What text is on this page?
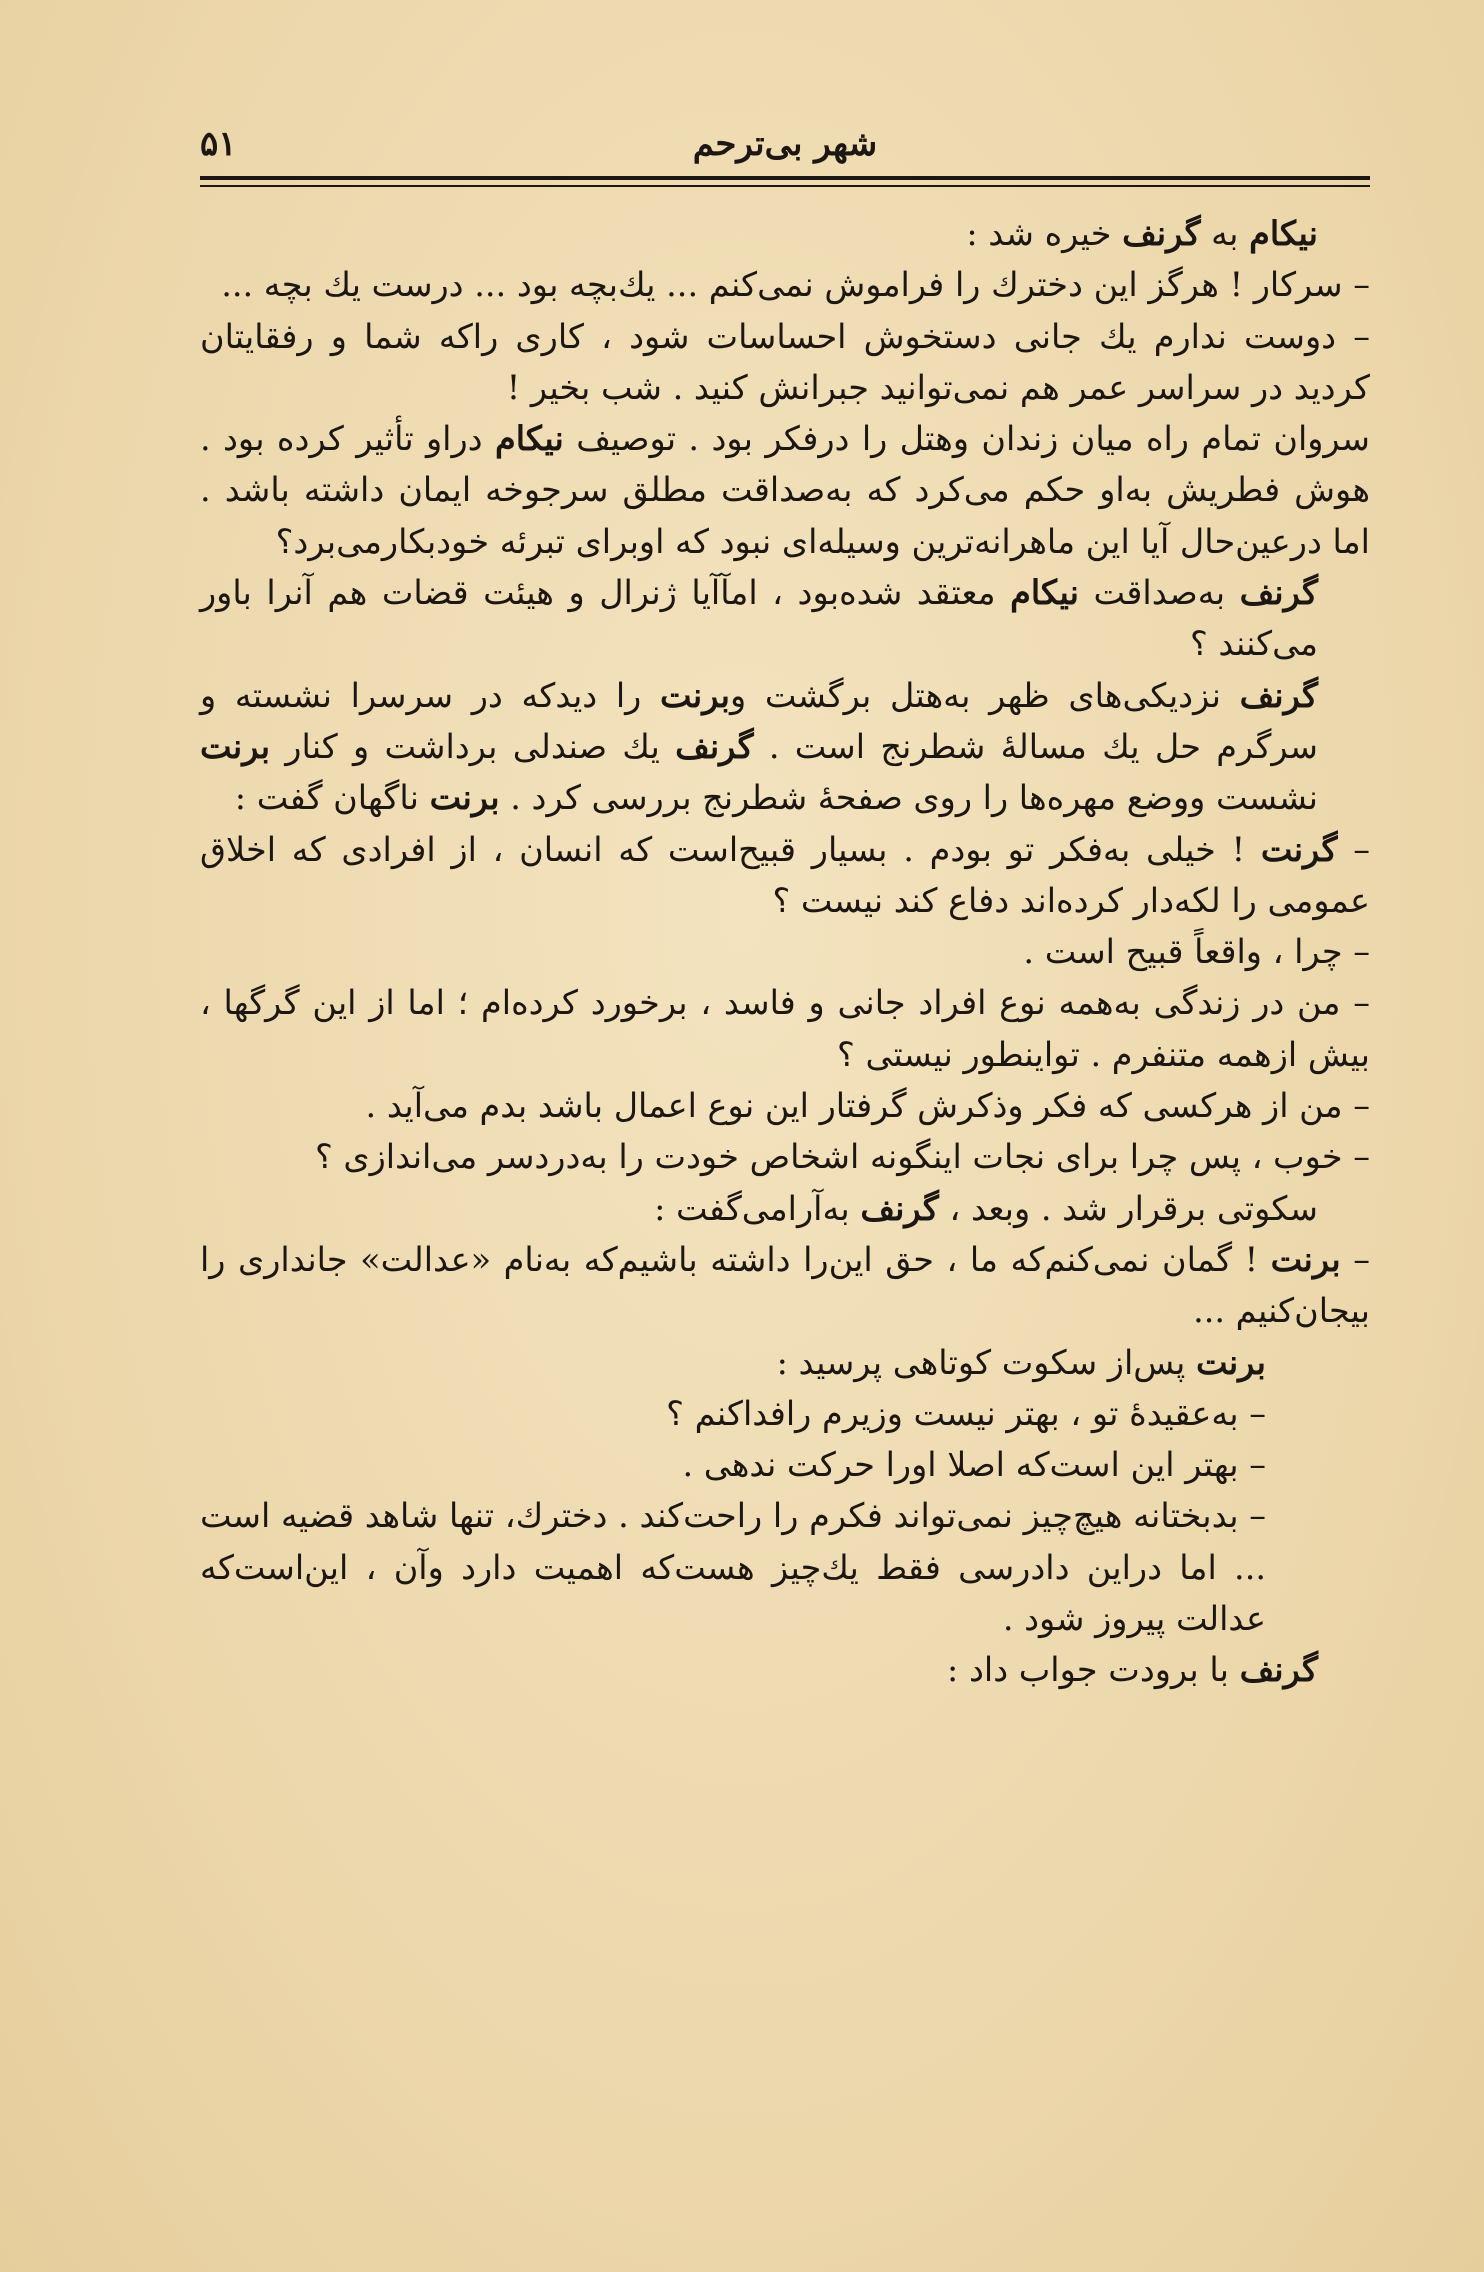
شهر بی‌ترحم
۵۱

نیکام به گرنف خیره شد :

– سرکار ! هرگز این دخترك را فراموش نمی‌کنم ... یك‌بچه بود ... درست یك بچه ...

– دوست ندارم یك جانی دستخوش احساسات شود ، کاری راکه شما و رفقایتان کردید در سراسر عمر هم نمی‌توانید جبرانش کنید . شب بخیر !

سروان تمام راه میان زندان وهتل را درفکر بود . توصیف نیکام دراو تأثیر کرده بود . هوش فطریش به‌او حکم می‌کرد که به‌صداقت مطلق سرجوخه ایمان داشته باشد . اما درعین‌حال آیا این ماهرانه‌ترین وسیله‌ای نبود که اوبرای تبرئه خودبکارمی‌برد؟

گرنف به‌صداقت نیکام معتقد شده‌بود ، امآآیا ژنرال و هیئت قضات هم آنرا باور می‌کنند ؟

گرنف نزدیکی‌های ظهر به‌هتل برگشت وبرنت را دیدکه در سرسرا نشسته و سرگرم حل یك مسالهٔ شطرنج است . گرنف یك صندلی برداشت و کنار برنت نشست ووضع مهره‌ها را روی صفحهٔ شطرنج بررسی کرد . برنت ناگهان گفت :

– گرنت ! خیلی به‌فکر تو بودم . بسیار قبیح‌است که انسان ، از افرادی که اخلاق عمومی را لکه‌دار کرده‌اند دفاع کند نیست ؟

– چرا ، واقعاً قبیح است .

– من در زندگی به‌همه نوع افراد جانی و فاسد ، برخورد کرده‌ام ؛ اما از این گرگها ، بیش ازهمه متنفرم . تواینطور نیستی ؟

– من از هرکسی که فکر وذکرش گرفتار این نوع اعمال باشد بدم می‌آید .

– خوب ، پس چرا برای نجات اینگونه اشخاص خودت را به‌دردسر می‌اندازی ؟

سکوتی برقرار شد . وبعد ، گرنف به‌آرامی‌گفت :

– برنت ! گمان نمی‌کنم‌که ما ، حق این‌را داشته باشیم‌که به‌نام «عدالت» جانداری را بیجان‌کنیم ...

برنت پس‌از سکوت کوتاهی پرسید :

– به‌عقیدهٔ تو ، بهتر نیست وزیرم رافداکنم ؟

– بهتر این است‌که اصلا اورا حرکت ندهی .

– بدبختانه هیچ‌چیز نمی‌تواند فکرم را راحت‌کند . دخترك، تنها شاهد قضیه است ... اما دراین دادرسی فقط یك‌چیز هست‌که اهمیت دارد وآن ، این‌است‌که عدالت پیروز شود .

گرنف با برودت جواب داد :
